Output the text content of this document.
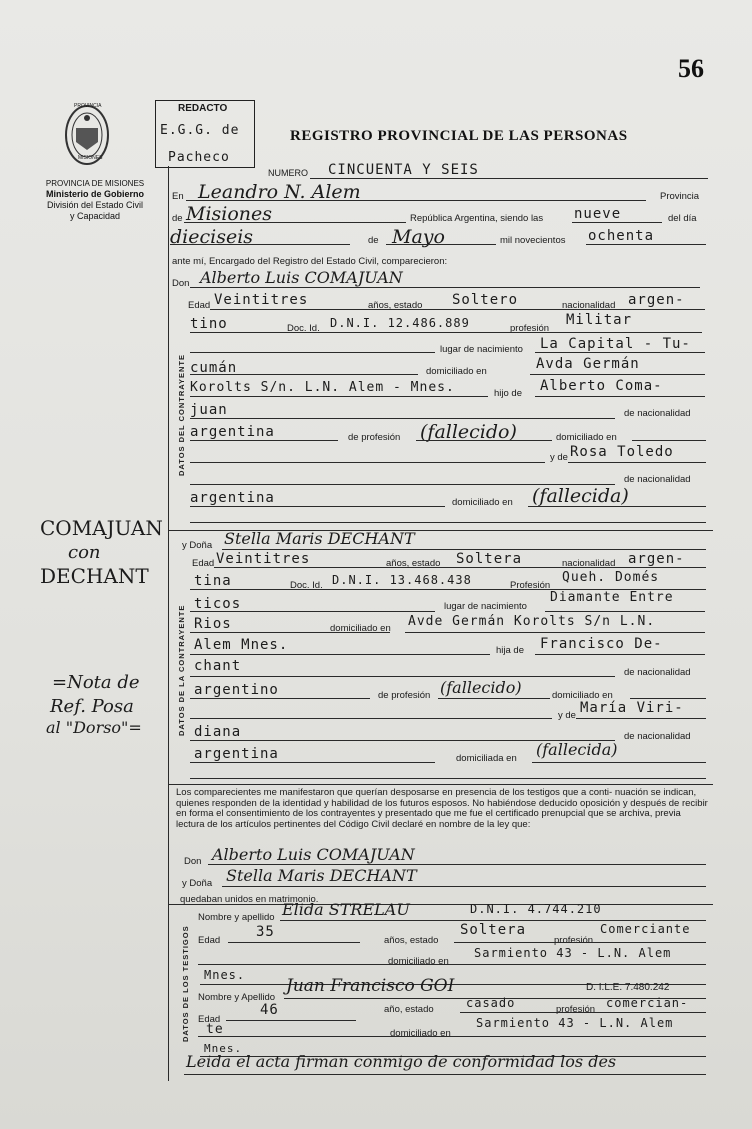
56
PROVINCIA
MISIONES
PROVINCIA DE MISIONES
Ministerio de Gobierno
División del Estado Civil
y Capacidad
REDACTO
E.G.G. de
Pacheco
REGISTRO PROVINCIAL DE LAS PERSONAS
NUMERO CINCUENTA Y SEIS
En Leandro N. Alem	Provincia
de Misiones	República Argentina, siendo las nueve	del día
dieciseis	de Mayo	mil novecientos ochenta
ante mí, Encargado del Registro del Estado Civil, comparecieron:
DATOS DEL CONTRAYENTE
Don Alberto Luis COMAJUAN
Edad Veintitres	años, estado Soltero	nacionalidad argen-
tino	Doc. Id. D.N.I. 12.486.889	profesión
Militar
lugar de nacimiento La Capital - Tu-
cumán	domiciliado en	Avda Germán
Korolts S/n. L.N. Alem - Mnes.	hijo de Alberto Coma-
juan	de nacionalidad
argentina	de profesión (fallecido)	domiciliado en
y de Rosa Toledo
de nacionalidad
argentina	domiciliado en (fallecida)
COMAJUAN
con
DECHANT
=Nota de
Ref. Posa
al "Dorso"=	DATOS DE LA CONTRAYENTE
y Doña Stella Maris DECHANT
Edad Veintitres	años, estado Soltera	nacionalidad argen-
tina	Doc. Id. D.N.I. 13.468.438	Profesión
Queh. Domés
ticos	lugar de nacimiento
Diamante Entre
Rios	domiciliado en Avde Germán Korolts S/n L.N.
Alem Mnes.	hija de Francisco De-
chant	de nacionalidad
argentino	de profesión (fallecido)	domiciliado en
y de María Viri-
diana	de nacionalidad
argentina	domiciliada en (fallecida)
Los comparecientes me manifestaron que querían desposarse en presencia de los testigos que a conti- nuación se indican, quienes responden de la identidad y habilidad de los futuros esposos. No habiéndose deducido oposición y después de recibir en forma el consentimiento de los contrayentes y presentado que me fue el certificado prenupcial que se archiva, previa lectura de los artículos pertinentes del Código Civil declaré en nombre de la ley que:
Don Alberto Luis COMAJUAN
y Doña Stella Maris DECHANT
quedaban unidos en matrimonio.
DATOS DE LOS TESTIGOS
Nombre y apellido Elida STRELAU	D.N.I. 4.744.210
Edad
35
años, estado
Soltera
profesión
Comerciante
domiciliado en
Sarmiento 43 - L.N. Alem
Mnes.
Nombre y Apellido
Juan Francisco GOI	D. I.L.E. 7.480.242
Edad
46	año, estado	casado	profesión comercian-
te	domiciliado en
Sarmiento 43 - L.N. Alem
Mnes.
Leida el acta firman conmigo de conformidad los des
